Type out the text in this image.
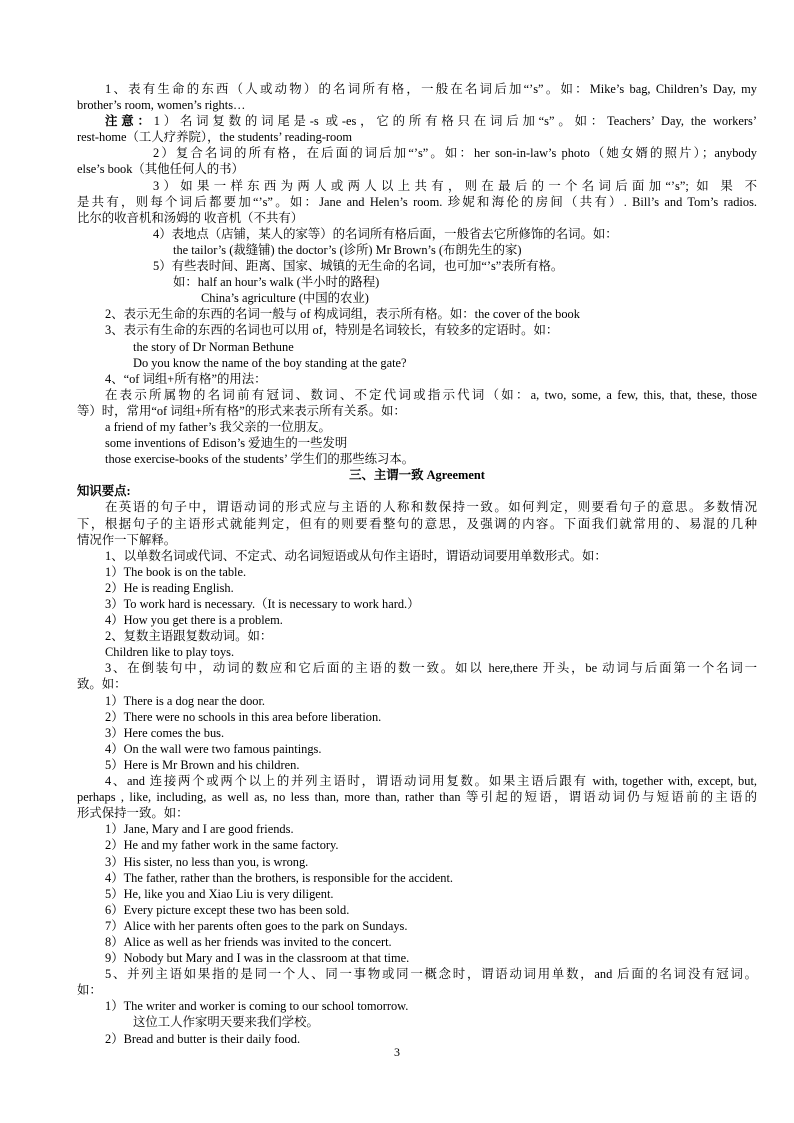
1、表有生命的东西（人或动物）的名词所有格，一般在名词后加“’s”。如：Mike’s bag, Children’s Day, my
brother’s room, women’s rights…
注意：1）名词复数的词尾是-s 或-es，它的所有格只在词后加“s”。如：Teachers’ Day, the workers’
rest-home（工人疗养院），the students’ reading-room
2）复合名词的所有格，在后面的词后加“’s”。如：her son-in-law’s photo（她女婿的照片）；anybody
else’s book（其他任何人的书）
3）如果一样东西为两人或两人以上共有，则在最后的一个名词后面加“’s”; 如 果 不
是共有，则每个词后都要加“’s”。如：Jane and Helen’s room. 珍妮和海伦的房间（共有）. Bill’s and Tom’s radios.
比尔的收音机和汤姆的 收音机（不共有）
4）表地点（店铺，某人的家等）的名词所有格后面，一般省去它所修饰的名词。如：
the tailor’s (裁缝铺) the doctor’s (诊所) Mr Brown’s (布朗先生的家)
5）有些表时间、距离、国家、城镇的无生命的名词，也可加“’s”表所有格。
如：half an hour’s walk (半小时的路程)
China’s agriculture (中国的农业)
2、表示无生命的东西的名词一般与 of 构成词组，表示所有格。如：the cover of the book
3、表示有生命的东西的名词也可以用 of，特别是名词较长，有较多的定语时。如：
the story of Dr Norman Bethune
Do you know the name of the boy standing at the gate?
4、“of 词组+所有格”的用法：
在表示所属物的名词前有冠词、数词、不定代词或指示代词（如：a, two, some, a few, this, that, these, those
等）时，常用“of 词组+所有格”的形式来表示所有关系。如：
a friend of my father’s 我父亲的一位朋友。
some inventions of Edison’s 爱迪生的一些发明
those exercise-books of the students’ 学生们的那些练习本。
三、主谓一致 Agreement
知识要点:
在英语的句子中，谓语动词的形式应与主语的人称和数保持一致。如何判定，则要看句子的意思。多数情况
下，根据句子的主语形式就能判定，但有的则要看整句的意思，及强调的内容。下面我们就常用的、易混的几种
情况作一下解释。
1、以单数名词或代词、不定式、动名词短语或从句作主语时，谓语动词要用单数形式。如：
1）The book is on the table.
2）He is reading English.
3）To work hard is necessary.（It is necessary to work hard.）
4）How you get there is a problem.
2、复数主语跟复数动词。如：
Children like to play toys.
3、在倒装句中，动词的数应和它后面的主语的数一致。如以 here,there 开头，be 动词与后面第一个名词一
致。如：
1）There is a dog near the door.
2）There were no schools in this area before liberation.
3）Here comes the bus.
4）On the wall were two famous paintings.
5）Here is Mr Brown and his children.
4、and 连接两个或两个以上的并列主语时，谓语动词用复数。如果主语后跟有 with, together with, except, but,
perhaps , like, including, as well as, no less than, more than, rather than 等引起的短语，谓语动词仍与短语前的主语的
形式保持一致。如：
1）Jane, Mary and I are good friends.
2）He and my father work in the same factory.
3）His sister, no less than you, is wrong.
4）The father, rather than the brothers, is responsible for the accident.
5）He, like you and Xiao Liu is very diligent.
6）Every picture except these two has been sold.
7）Alice with her parents often goes to the park on Sundays.
8）Alice as well as her friends was invited to the concert.
9）Nobody but Mary and I was in the classroom at that time.
5、并列主语如果指的是同一个人、同一事物或同一概念时，谓语动词用单数，and 后面的名词没有冠词。
如：
1）The writer and worker is coming to our school tomorrow.
这位工人作家明天要来我们学校。
2）Bread and butter is their daily food.
3
